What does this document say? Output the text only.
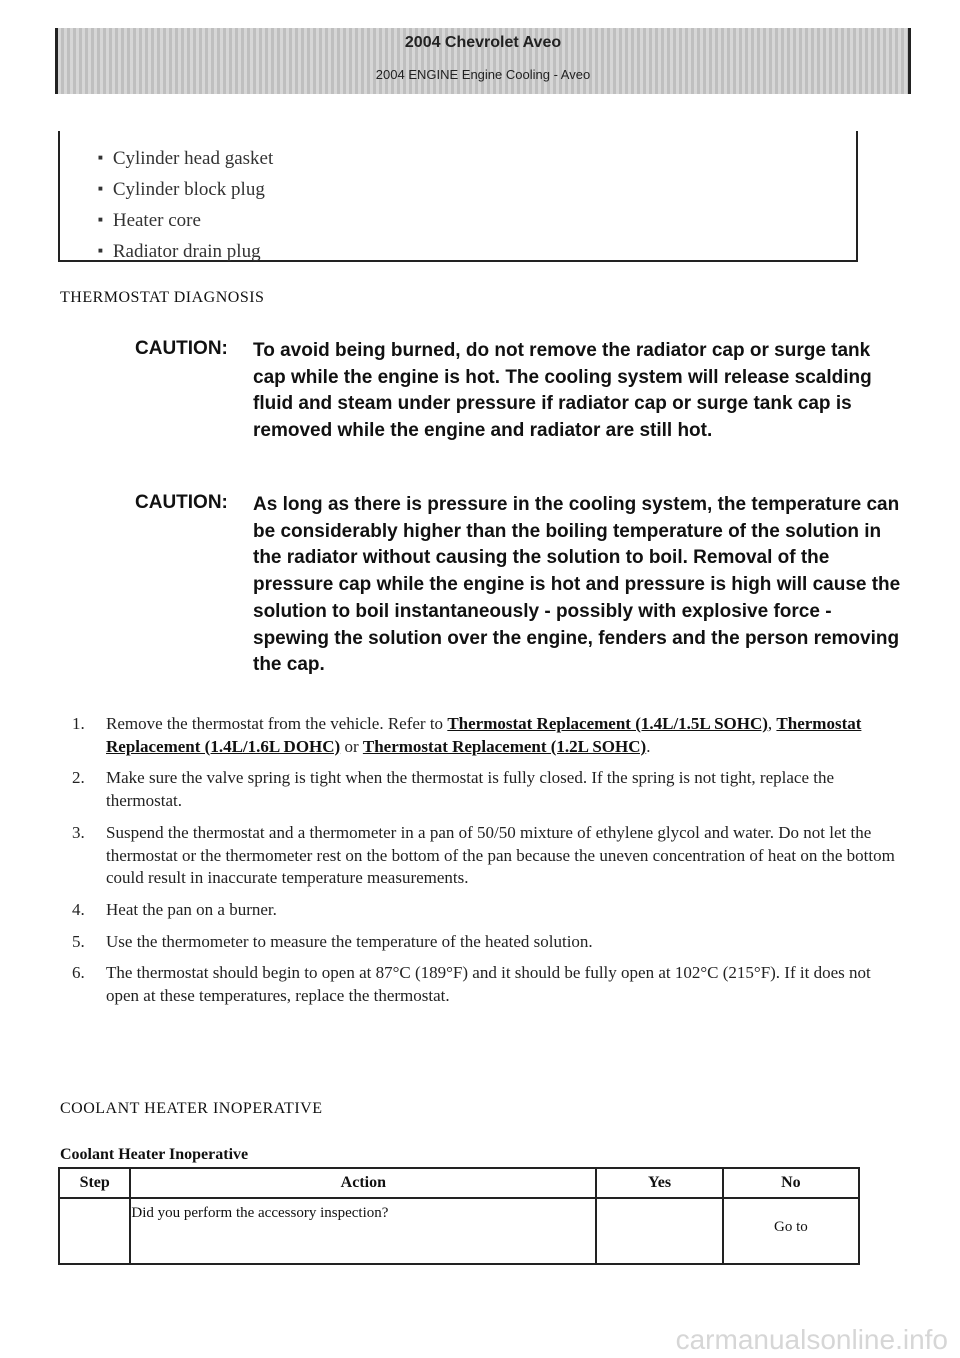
2004 Chevrolet Aveo
2004 ENGINE Engine Cooling - Aveo
■ Cylinder head gasket
■ Cylinder block plug
■ Heater core
■ Radiator drain plug
THERMOSTAT DIAGNOSIS
CAUTION: To avoid being burned, do not remove the radiator cap or surge tank cap while the engine is hot. The cooling system will release scalding fluid and steam under pressure if radiator cap or surge tank cap is removed while the engine and radiator are still hot.
CAUTION: As long as there is pressure in the cooling system, the temperature can be considerably higher than the boiling temperature of the solution in the radiator without causing the solution to boil. Removal of the pressure cap while the engine is hot and pressure is high will cause the solution to boil instantaneously - possibly with explosive force - spewing the solution over the engine, fenders and the person removing the cap.
1. Remove the thermostat from the vehicle. Refer to Thermostat Replacement (1.4L/1.5L SOHC), Thermostat Replacement (1.4L/1.6L DOHC) or Thermostat Replacement (1.2L SOHC).
2. Make sure the valve spring is tight when the thermostat is fully closed. If the spring is not tight, replace the thermostat.
3. Suspend the thermostat and a thermometer in a pan of 50/50 mixture of ethylene glycol and water. Do not let the thermostat or the thermometer rest on the bottom of the pan because the uneven concentration of heat on the bottom could result in inaccurate temperature measurements.
4. Heat the pan on a burner.
5. Use the thermometer to measure the temperature of the heated solution.
6. The thermostat should begin to open at 87°C (189°F) and it should be fully open at 102°C (215°F). If it does not open at these temperatures, replace the thermostat.
COOLANT HEATER INOPERATIVE
Coolant Heater Inoperative
Step	Action	Yes	No
	Did you perform the accessory inspection?		Go to
carmanualsonline.info
